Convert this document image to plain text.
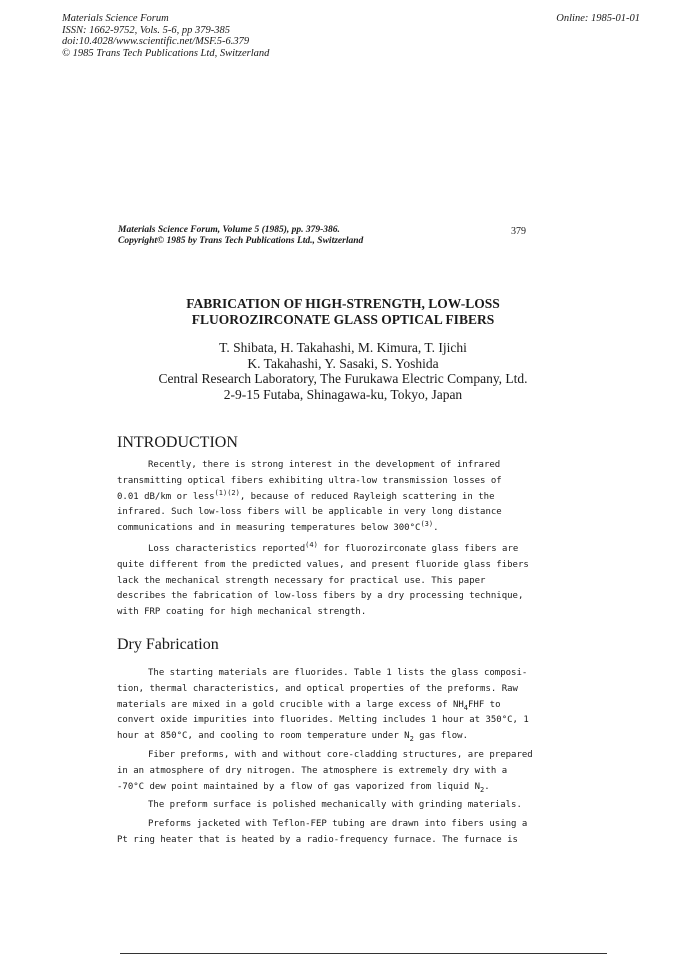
Materials Science Forum
ISSN: 1662-9752, Vols. 5-6, pp 379-385
doi:10.4028/www.scientific.net/MSF.5-6.379
© 1985 Trans Tech Publications Ltd, Switzerland
Online: 1985-01-01
Materials Science Forum, Volume 5 (1985), pp. 379-386.
Copyright© 1985 by Trans Tech Publications Ltd., Switzerland
379
FABRICATION OF HIGH-STRENGTH, LOW-LOSS
FLUOROZIRCONATE GLASS OPTICAL FIBERS
T. Shibata, H. Takahashi, M. Kimura, T. Ijichi
K. Takahashi, Y. Sasaki, S. Yoshida
Central Research Laboratory, The Furukawa Electric Company, Ltd.
2-9-15 Futaba, Shinagawa-ku, Tokyo, Japan
INTRODUCTION

Recently, there is strong interest in the development of infrared

transmitting optical fibers exhibiting ultra-low transmission losses of

0.01 dB/km or less$^{(1)(2)}$, because of reduced Rayleigh scattering in the

infrared. Such low-loss fibers will be applicable in very long distance

communications and in measuring temperatures below $300^\circ C^{(3)}$.

Loss characteristics reported$^{(4)}$ for fluorozirconate glass fibers are

quite different from the predicted values, and present fluoride glass fibers

lack the mechanical strength necessary for practical use. This paper

describes the fabrication of low-loss fibers by a dry processing technique,

with FRP coating for high mechanical strength.

Dry Fabrication

The starting materials are fluorides. Table 1 lists the glass composi-

tion, thermal characteristics, and optical properties of the preforms. Raw

materials are mixed in a gold crucible with a large excess of $NH_4FHF$ to

convert oxide impurities into fluorides. Melting includes 1 hour at 350°C, 1

hour at 850°C, and cooling to room temperature under $N_2$ gas flow.

Fiber preforms, with and without core-cladding structures, are prepared

in an atmosphere of dry nitrogen. The atmosphere is extremely dry with a

-70°C dew point maintained by a flow of gas vaporized from liquid $N_2$.

The preform surface is polished mechanically with grinding materials.

Preforms jacketed with Teflon-FEP tubing are drawn into fibers using a

Pt ring heater that is heated by a radio-frequency furnace. The furnace is
